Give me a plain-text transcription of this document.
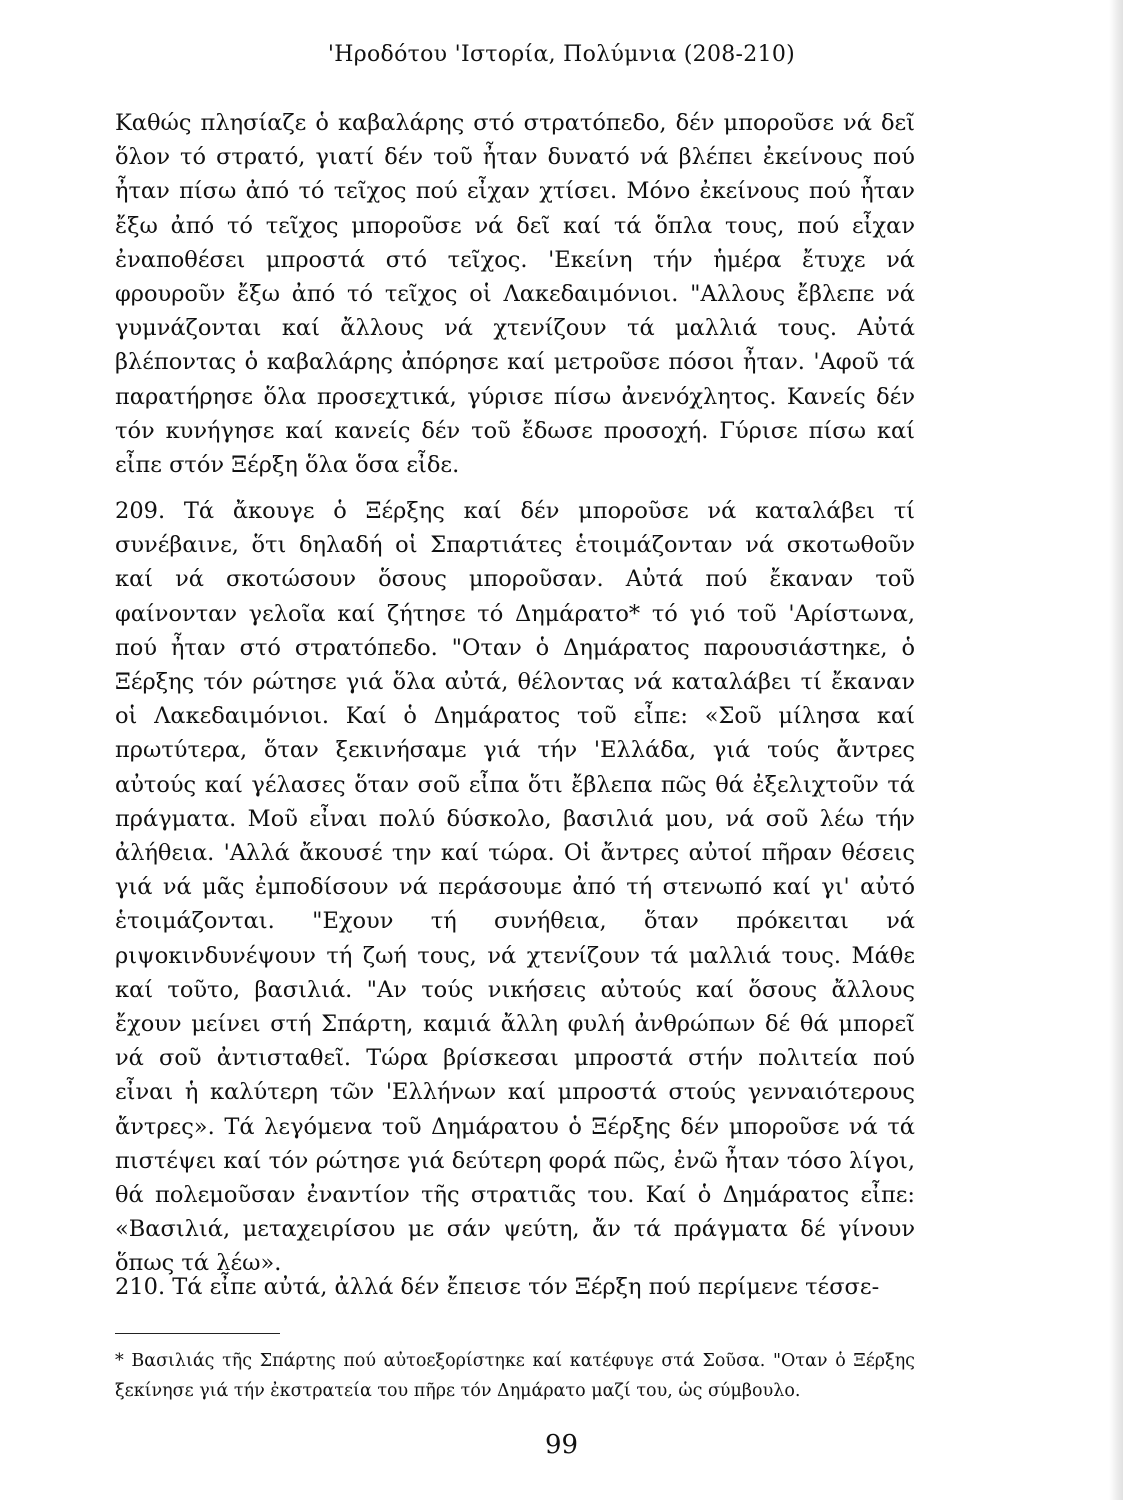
'Ηροδότου 'Ιστορία, Πολύμνια (208-210)

Καθώς πλησίαζε ὁ καβαλάρης στό στρατόπεδο, δέν μποροῦσε νά δεῖ ὅλον τό στρατό, γιατί δέν τοῦ ἦταν δυνατό νά βλέπει ἐκείνους πού ἦταν πίσω ἀπό τό τεῖχος πού εἶχαν χτίσει. Μόνο ἐκείνους πού ἦταν ἔξω ἀπό τό τεῖχος μποροῦσε νά δεῖ καί τά ὅπλα τους, πού εἶχαν ἐναποθέσει μπροστά στό τεῖχος. 'Εκείνη τήν ἡμέρα ἔτυχε νά φρουροῦν ἔξω ἀπό τό τεῖχος οἱ Λακεδαιμόνιοι. "Αλλους ἔβλεπε νά γυμνάζονται καί ἄλλους νά χτενίζουν τά μαλλιά τους. Αὐτά βλέποντας ὁ καβαλάρης ἀπόρησε καί μετροῦσε πόσοι ἦταν. 'Αφοῦ τά παρατήρησε ὅλα προσεχτικά, γύρισε πίσω ἀνενόχλητος. Κανείς δέν τόν κυνήγησε καί κανείς δέν τοῦ ἔδωσε προσοχή. Γύρισε πίσω καί εἶπε στόν Ξέρξη ὅλα ὅσα εἶδε.

209. Τά ἄκουγε ὁ Ξέρξης καί δέν μποροῦσε νά καταλάβει τί συνέβαινε, ὅτι δηλαδή οἱ Σπαρτιάτες ἑτοιμάζονταν νά σκοτωθοῦν καί νά σκοτώσουν ὅσους μποροῦσαν. Αὐτά πού ἔκαναν τοῦ φαίνονταν γελοῖα καί ζήτησε τό Δημάρατο* τό γιό τοῦ 'Αρίστωνα, πού ἦταν στό στρατόπεδο. "Οταν ὁ Δημάρατος παρουσιάστηκε, ὁ Ξέρξης τόν ρώτησε γιά ὅλα αὐτά, θέλοντας νά καταλάβει τί ἔκαναν οἱ Λακεδαιμόνιοι. Καί ὁ Δημάρατος τοῦ εἶπε: «Σοῦ μίλησα καί πρωτύτερα, ὅταν ξεκινήσαμε γιά τήν 'Ελλάδα, γιά τούς ἄντρες αὐτούς καί γέλασες ὅταν σοῦ εἶπα ὅτι ἔβλεπα πῶς θά ἐξελιχτοῦν τά πράγματα. Μοῦ εἶναι πολύ δύσκολο, βασιλιά μου, νά σοῦ λέω τήν ἀλήθεια. 'Αλλά ἄκουσέ την καί τώρα. Οἱ ἄντρες αὐτοί πῆραν θέσεις γιά νά μᾶς ἐμποδίσουν νά περάσουμε ἀπό τή στενωπό καί γι' αὐτό ἑτοιμάζονται. "Εχουν τή συνήθεια, ὅταν πρόκειται νά ριψοκινδυνέψουν τή ζωή τους, νά χτενίζουν τά μαλλιά τους. Μάθε καί τοῦτο, βασιλιά. "Αν τούς νικήσεις αὐτούς καί ὅσους ἄλλους ἔχουν μείνει στή Σπάρτη, καμιά ἄλλη φυλή ἀνθρώπων δέ θά μπορεῖ νά σοῦ ἀντισταθεῖ. Τώρα βρίσκεσαι μπροστά στήν πολιτεία πού εἶναι ἡ καλύτερη τῶν 'Ελλήνων καί μπροστά στούς γενναιότερους ἄντρες». Τά λεγόμενα τοῦ Δημάρατου ὁ Ξέρξης δέν μποροῦσε νά τά πιστέψει καί τόν ρώτησε γιά δεύτερη φορά πῶς, ἐνῶ ἦταν τόσο λίγοι, θά πολεμοῦσαν ἐναντίον τῆς στρατιᾶς του. Καί ὁ Δημάρατος εἶπε: «Βασιλιά, μεταχειρίσου με σάν ψεύτη, ἄν τά πράγματα δέ γίνουν ὅπως τά λέω».

210. Τά εἶπε αὐτά, ἀλλά δέν ἔπεισε τόν Ξέρξη πού περίμενε τέσσε-

* Βασιλιάς τῆς Σπάρτης πού αὐτοεξορίστηκε καί κατέφυγε στά Σοῦσα. "Οταν ὁ Ξέρξης ξεκίνησε γιά τήν ἐκστρατεία του πῆρε τόν Δημάρατο μαζί του, ὡς σύμβουλο.

99
